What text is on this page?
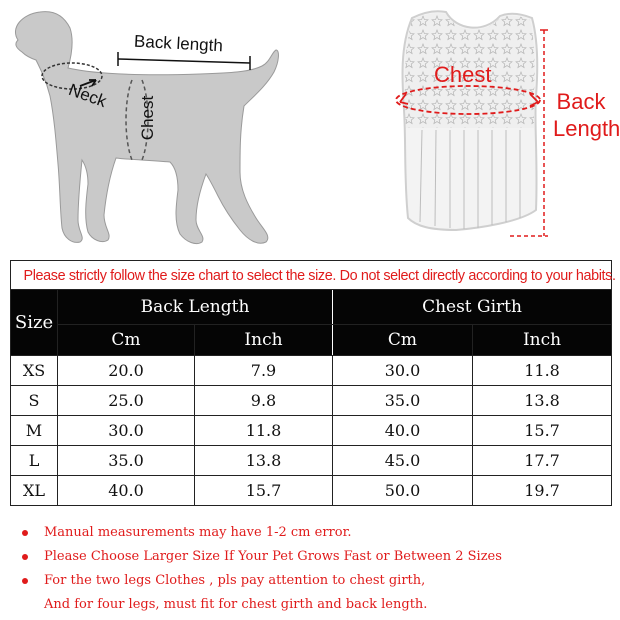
Back length
Neck
Chest
Chest
Back
Length
Please strictly follow the size chart to select the size. Do not select directly according to your habits.				
Size	Back Length		Chest Girth	
	Cm	Inch	Cm	Inch
XS	20.0	7.9	30.0	11.8
S	25.0	9.8	35.0	13.8
M	30.0	11.8	40.0	15.7
L	35.0	13.8	45.0	17.7
XL	40.0	15.7	50.0	19.7
Manual measurements may have 1-2 cm error.
Please Choose Larger Size If Your Pet Grows Fast or Between 2 Sizes
For the two legs Clothes , pls pay attention to chest girth,
And for four legs, must fit for chest girth and back length.
